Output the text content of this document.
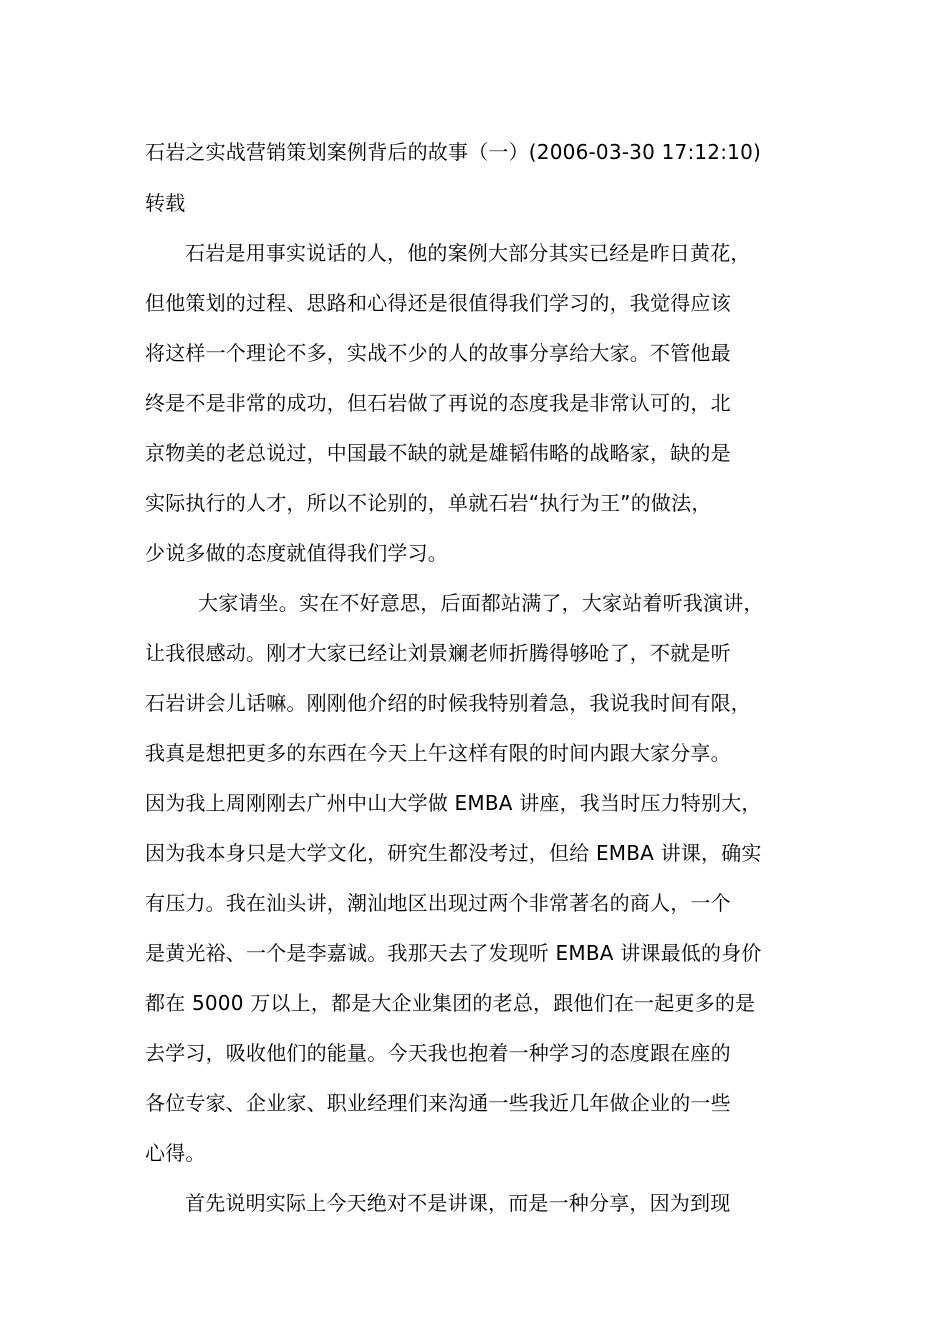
石岩之实战营销策划案例背后的故事（一）(2006-03-30 17:12:10)
转载
石岩是用事实说话的人，他的案例大部分其实已经是昨日黄花，
但他策划的过程、思路和心得还是很值得我们学习的，我觉得应该
将这样一个理论不多，实战不少的人的故事分享给大家。不管他最
终是不是非常的成功，但石岩做了再说的态度我是非常认可的，北
京物美的老总说过，中国最不缺的就是雄韬伟略的战略家，缺的是
实际执行的人才，所以不论别的，单就石岩“执行为王”的做法，
少说多做的态度就值得我们学习。
大家请坐。实在不好意思，后面都站满了，大家站着听我演讲，
让我很感动。刚才大家已经让刘景斓老师折腾得够呛了，不就是听
石岩讲会儿话嘛。刚刚他介绍的时候我特别着急，我说我时间有限，
我真是想把更多的东西在今天上午这样有限的时间内跟大家分享。
因为我上周刚刚去广州中山大学做 EMBA 讲座，我当时压力特别大，
因为我本身只是大学文化，研究生都没考过，但给 EMBA 讲课，确实
有压力。我在汕头讲，潮汕地区出现过两个非常著名的商人，一个
是黄光裕、一个是李嘉诚。我那天去了发现听 EMBA 讲课最低的身价
都在 5000 万以上，都是大企业集团的老总，跟他们在一起更多的是
去学习，吸收他们的能量。今天我也抱着一种学习的态度跟在座的
各位专家、企业家、职业经理们来沟通一些我近几年做企业的一些
心得。
首先说明实际上今天绝对不是讲课，而是一种分享，因为到现
